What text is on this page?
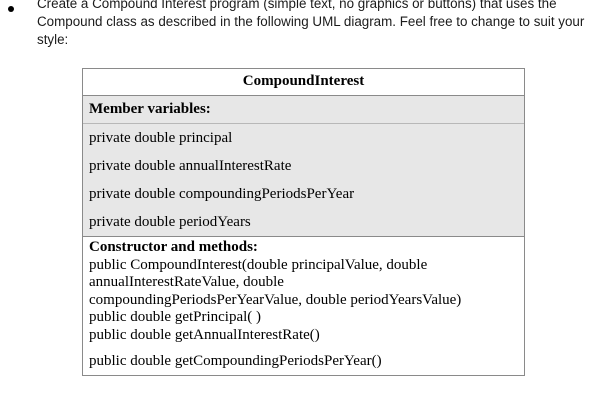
Create a Compound Interest program (simple text, no graphics or buttons) that uses the
Compound class as described in the following UML diagram. Feel free to change to suit your
style:
CompoundInterest
Member variables:
private double principal
private double annualInterestRate
private double compoundingPeriodsPerYear
private double periodYears
Constructor and methods:
public CompoundInterest(double principalValue, double
annualInterestRateValue, double
compoundingPeriodsPerYearValue, double periodYearsValue)
public double getPrincipal( )
public double getAnnualInterestRate()
public double getCompoundingPeriodsPerYear()
